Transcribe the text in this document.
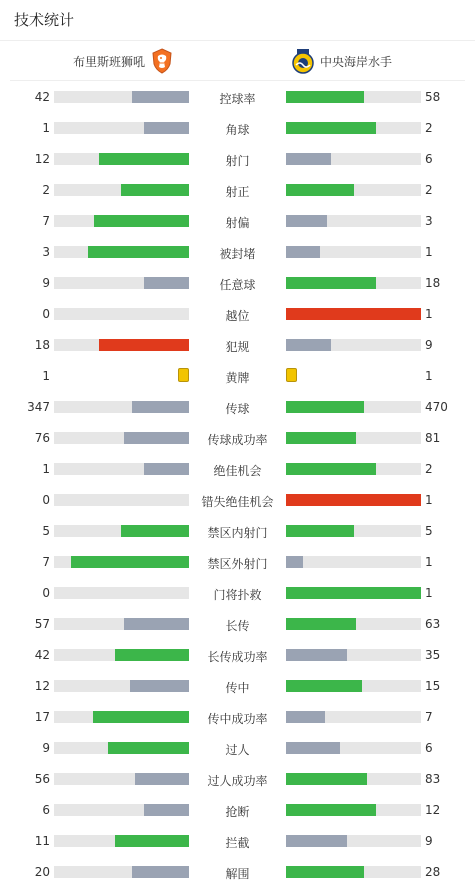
技术统计
布里斯班狮吼	中央海岸水手
42	控球率	58
1	角球	2
12	射门	6
2	射正	2
7	射偏	3
3	被封堵	1
9	任意球	18
0	越位	1
18	犯规	9
1	黄牌	1
347	传球	470
76	传球成功率	81
1	绝佳机会	2
0	错失绝佳机会	1
5	禁区内射门	5
7	禁区外射门	1
0	门将扑救	1
57	长传	63
42	长传成功率	35
12	传中	15
17	传中成功率	7
9	过人	6
56	过人成功率	83
6	抢断	12
11	拦截	9
20	解围	28
